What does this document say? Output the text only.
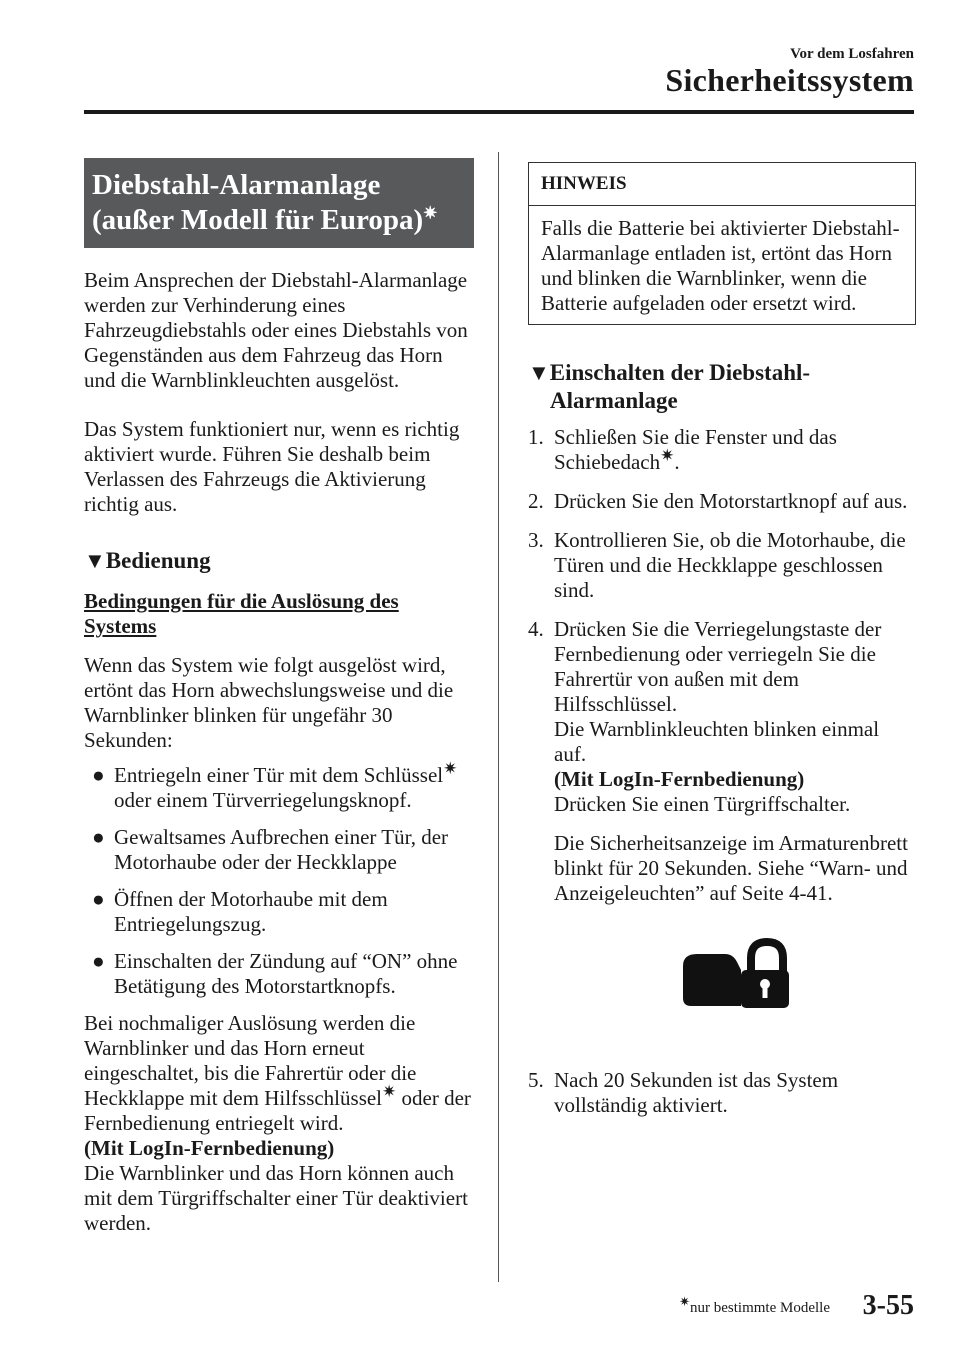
Vor dem Losfahren
Sicherheitssystem
Diebstahl-Alarmanlage
(außer Modell für Europa)✷

Beim Ansprechen der Diebstahl-Alarmanlage werden zur Verhinderung eines Fahrzeugdiebstahls oder eines Diebstahls von Gegenständen aus dem Fahrzeug das Horn und die Warnblinkleuchten ausgelöst.

Das System funktioniert nur, wenn es richtig aktiviert wurde. Führen Sie deshalb beim Verlassen des Fahrzeugs die Aktivierung richtig aus.

▼Bedienung

Bedingungen für die Auslösung des Systems

Wenn das System wie folgt ausgelöst wird, ertönt das Horn abwechslungsweise und die Warnblinker blinken für ungefähr 30 Sekunden:

● Entriegeln einer Tür mit dem Schlüssel✷ oder einem Türverriegelungsknopf.
● Gewaltsames Aufbrechen einer Tür, der Motorhaube oder der Heckklappe
● Öffnen der Motorhaube mit dem Entriegelungszug.
● Einschalten der Zündung auf “ON” ohne Betätigung des Motorstartknopfs.

Bei nochmaliger Auslösung werden die Warnblinker und das Horn erneut eingeschaltet, bis die Fahrertür oder die Heckklappe mit dem Hilfsschlüssel✷ oder der Fernbedienung entriegelt wird.

(Mit LogIn-Fernbedienung)

Die Warnblinker und das Horn können auch mit dem Türgriffschalter einer Tür deaktiviert werden.

HINWEIS
Falls die Batterie bei aktivierter Diebstahl-Alarmanlage entladen ist, ertönt das Horn und blinken die Warnblinker, wenn die Batterie aufgeladen oder ersetzt wird.
▼Einschalten der Diebstahl-Alarmanlage
1. Schließen Sie die Fenster und das Schiebedach✷.
2. Drücken Sie den Motorstartknopf auf aus.
3. Kontrollieren Sie, ob die Motorhaube, die Türen und die Heckklappe geschlossen sind.
4. Drücken Sie die Verriegelungstaste der Fernbedienung oder verriegeln Sie die Fahrertür von außen mit dem Hilfsschlüssel.
Die Warnblinkleuchten blinken einmal auf.
(Mit LogIn-Fernbedienung)
Drücken Sie einen Türgriffschalter.
Die Sicherheitsanzeige im Armaturenbrett blinkt für 20 Sekunden. Siehe “Warn- und Anzeigeleuchten” auf Seite 4-41.
5. Nach 20 Sekunden ist das System vollständig aktiviert.
✷nur bestimmte Modelle 3-55
